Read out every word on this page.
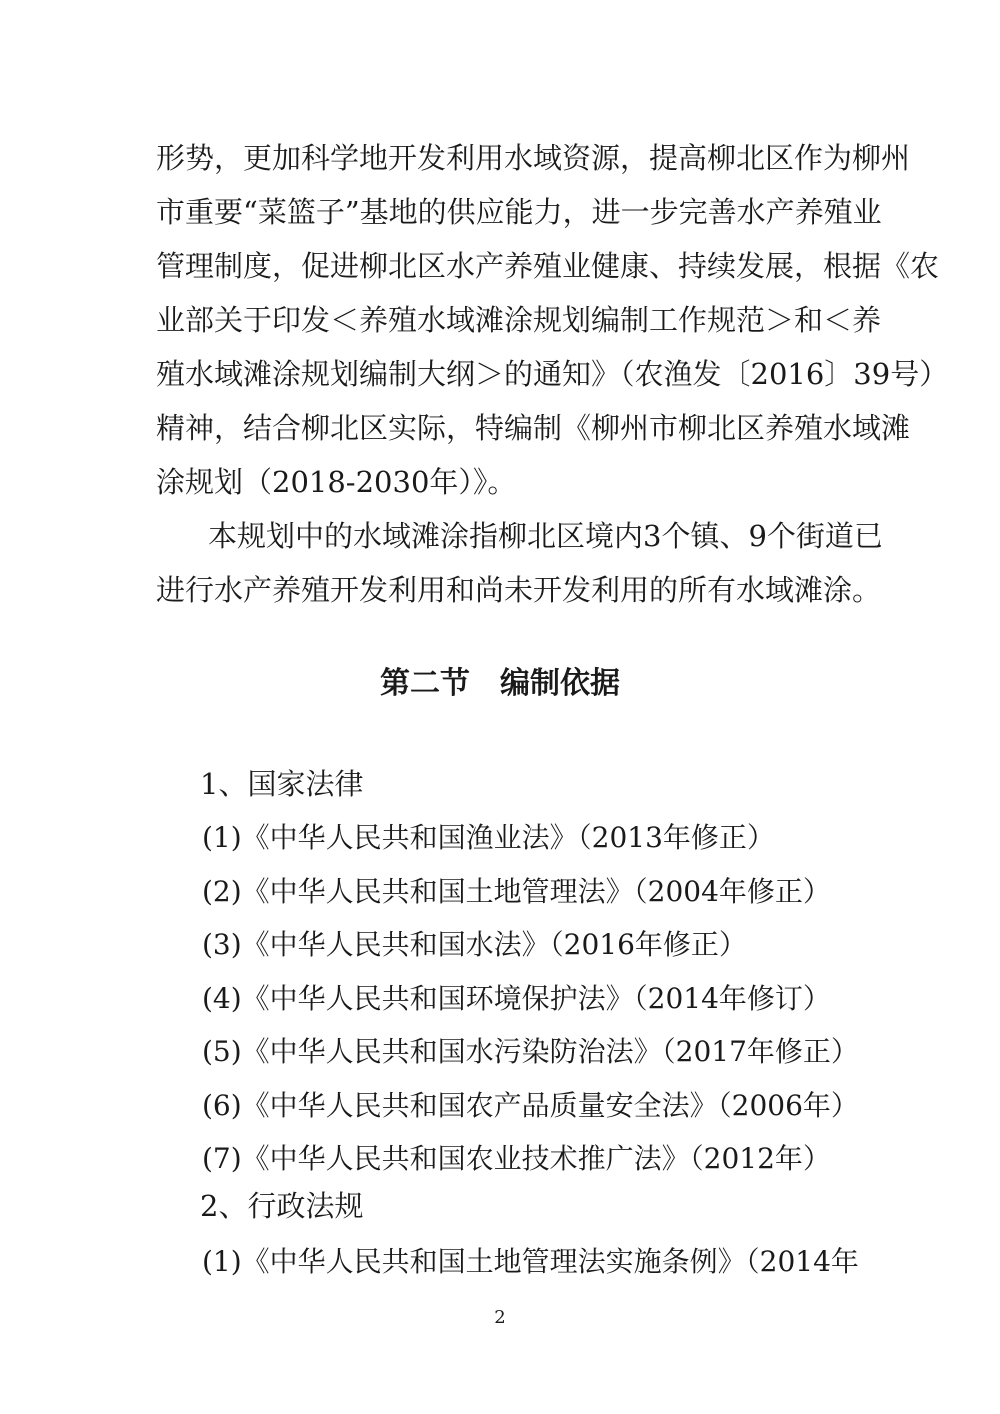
形势，更加科学地开发利用水域资源，提高柳北区作为柳州
市重要“菜篮子”基地的供应能力，进一步完善水产养殖业
管理制度，促进柳北区水产养殖业健康、持续发展，根据《农
业部关于印发＜养殖水域滩涂规划编制工作规范＞和＜养
殖水域滩涂规划编制大纲＞的通知》（农渔发〔2016〕39号）
精神，结合柳北区实际，特编制《柳州市柳北区养殖水域滩
涂规划（2018-2030年）》。
本规划中的水域滩涂指柳北区境内3个镇、9个街道已
进行水产养殖开发利用和尚未开发利用的所有水域滩涂。
第二节　编制依据
1、国家法律
(1)《中华人民共和国渔业法》（2013年修正）
(2)《中华人民共和国土地管理法》（2004年修正）
(3)《中华人民共和国水法》（2016年修正）
(4)《中华人民共和国环境保护法》（2014年修订）
(5)《中华人民共和国水污染防治法》（2017年修正）
(6)《中华人民共和国农产品质量安全法》（2006年）
(7)《中华人民共和国农业技术推广法》（2012年）
2、行政法规
(1)《中华人民共和国土地管理法实施条例》（2014年
2
